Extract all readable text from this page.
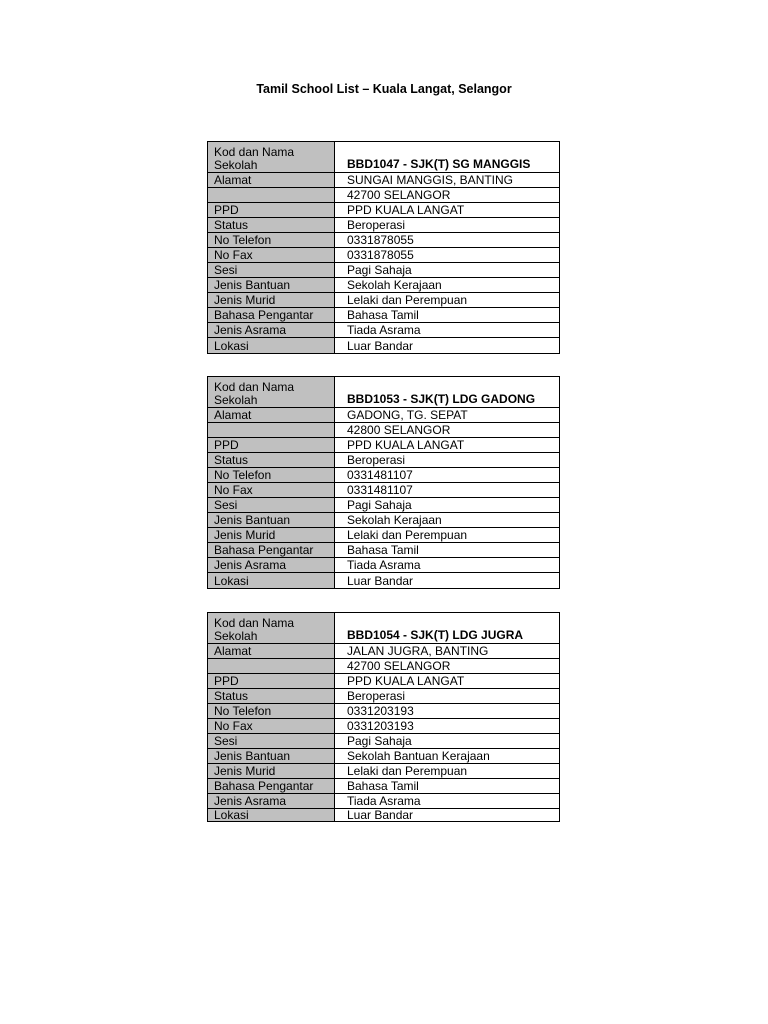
Tamil School List – Kuala Langat, Selangor
Kod dan Nama
Sekolah	BBD1047 - SJK(T) SG MANGGIS
Alamat	SUNGAI MANGGIS, BANTING
	42700 SELANGOR
PPD	PPD KUALA LANGAT
Status	Beroperasi
No Telefon	0331878055
No Fax	0331878055
Sesi	Pagi Sahaja
Jenis Bantuan	Sekolah Kerajaan
Jenis Murid	Lelaki dan Perempuan
Bahasa Pengantar	Bahasa Tamil
Jenis Asrama	Tiada Asrama
Lokasi	Luar Bandar
Kod dan Nama
Sekolah	BBD1053 - SJK(T) LDG GADONG
Alamat	GADONG, TG. SEPAT
	42800 SELANGOR
PPD	PPD KUALA LANGAT
Status	Beroperasi
No Telefon	0331481107
No Fax	0331481107
Sesi	Pagi Sahaja
Jenis Bantuan	Sekolah Kerajaan
Jenis Murid	Lelaki dan Perempuan
Bahasa Pengantar	Bahasa Tamil
Jenis Asrama	Tiada Asrama
Lokasi	Luar Bandar
Kod dan Nama
Sekolah	BBD1054 - SJK(T) LDG JUGRA
Alamat	JALAN JUGRA, BANTING
	42700 SELANGOR
PPD	PPD KUALA LANGAT
Status	Beroperasi
No Telefon	0331203193
No Fax	0331203193
Sesi	Pagi Sahaja
Jenis Bantuan	Sekolah Bantuan Kerajaan
Jenis Murid	Lelaki dan Perempuan
Bahasa Pengantar	Bahasa Tamil
Jenis Asrama	Tiada Asrama
Lokasi	Luar Bandar
